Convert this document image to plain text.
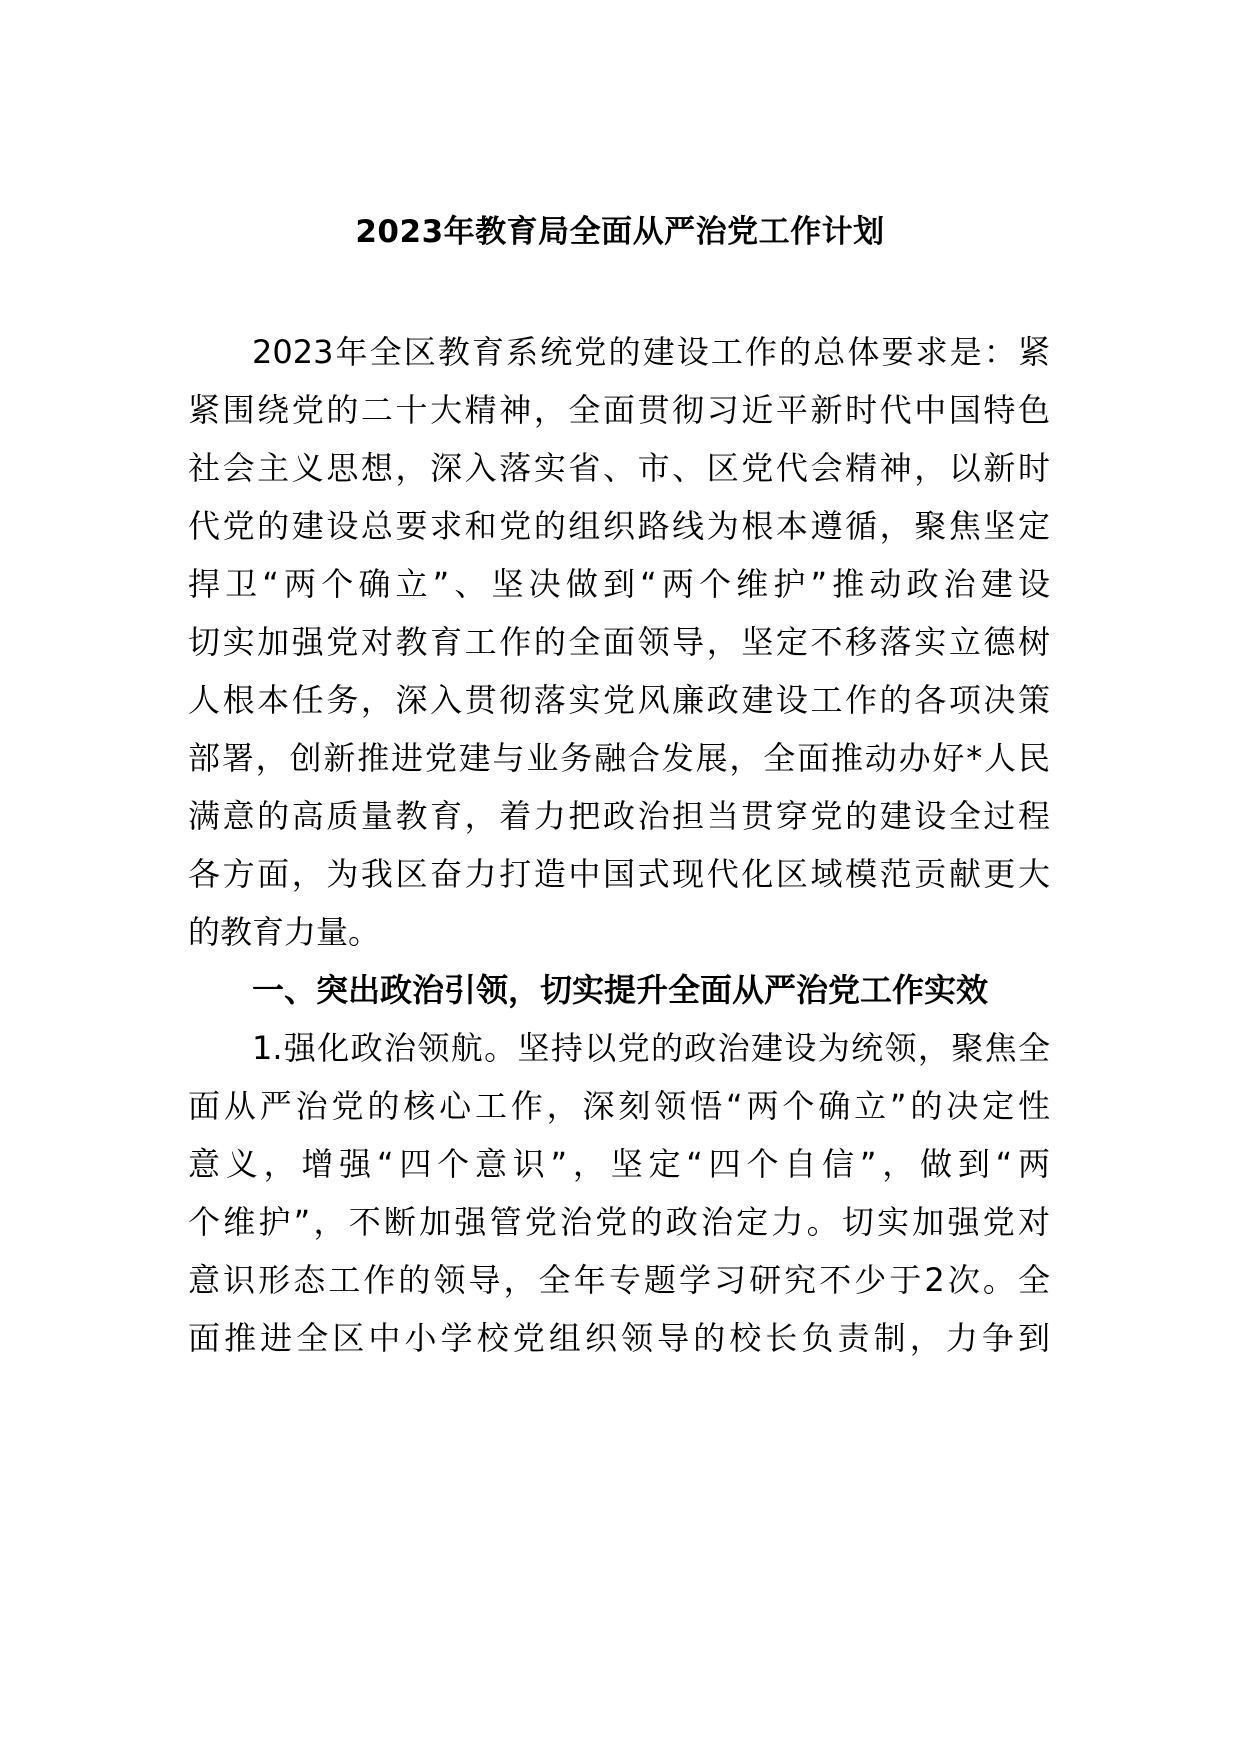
2023年教育局全面从严治党工作计划
2023年全区教育系统党的建设工作的总体要求是：紧
紧围绕党的二十大精神，全面贯彻习近平新时代中国特色
社会主义思想，深入落实省、市、区党代会精神，以新时
代党的建设总要求和党的组织路线为根本遵循，聚焦坚定
捍卫“两个确立”、坚决做到“两个维护”推动政治建设
切实加强党对教育工作的全面领导，坚定不移落实立德树
人根本任务，深入贯彻落实党风廉政建设工作的各项决策
部署，创新推进党建与业务融合发展，全面推动办好*人民
满意的高质量教育，着力把政治担当贯穿党的建设全过程
各方面，为我区奋力打造中国式现代化区域模范贡献更大
的教育力量。
一、突出政治引领，切实提升全面从严治党工作实效
1.强化政治领航。坚持以党的政治建设为统领，聚焦全
面从严治党的核心工作，深刻领悟“两个确立”的决定性
意义，增强“四个意识”，坚定“四个自信”，做到“两
个维护”，不断加强管党治党的政治定力。切实加强党对
意识形态工作的领导，全年专题学习研究不少于2次。全
面推进全区中小学校党组织领导的校长负责制，力争到
